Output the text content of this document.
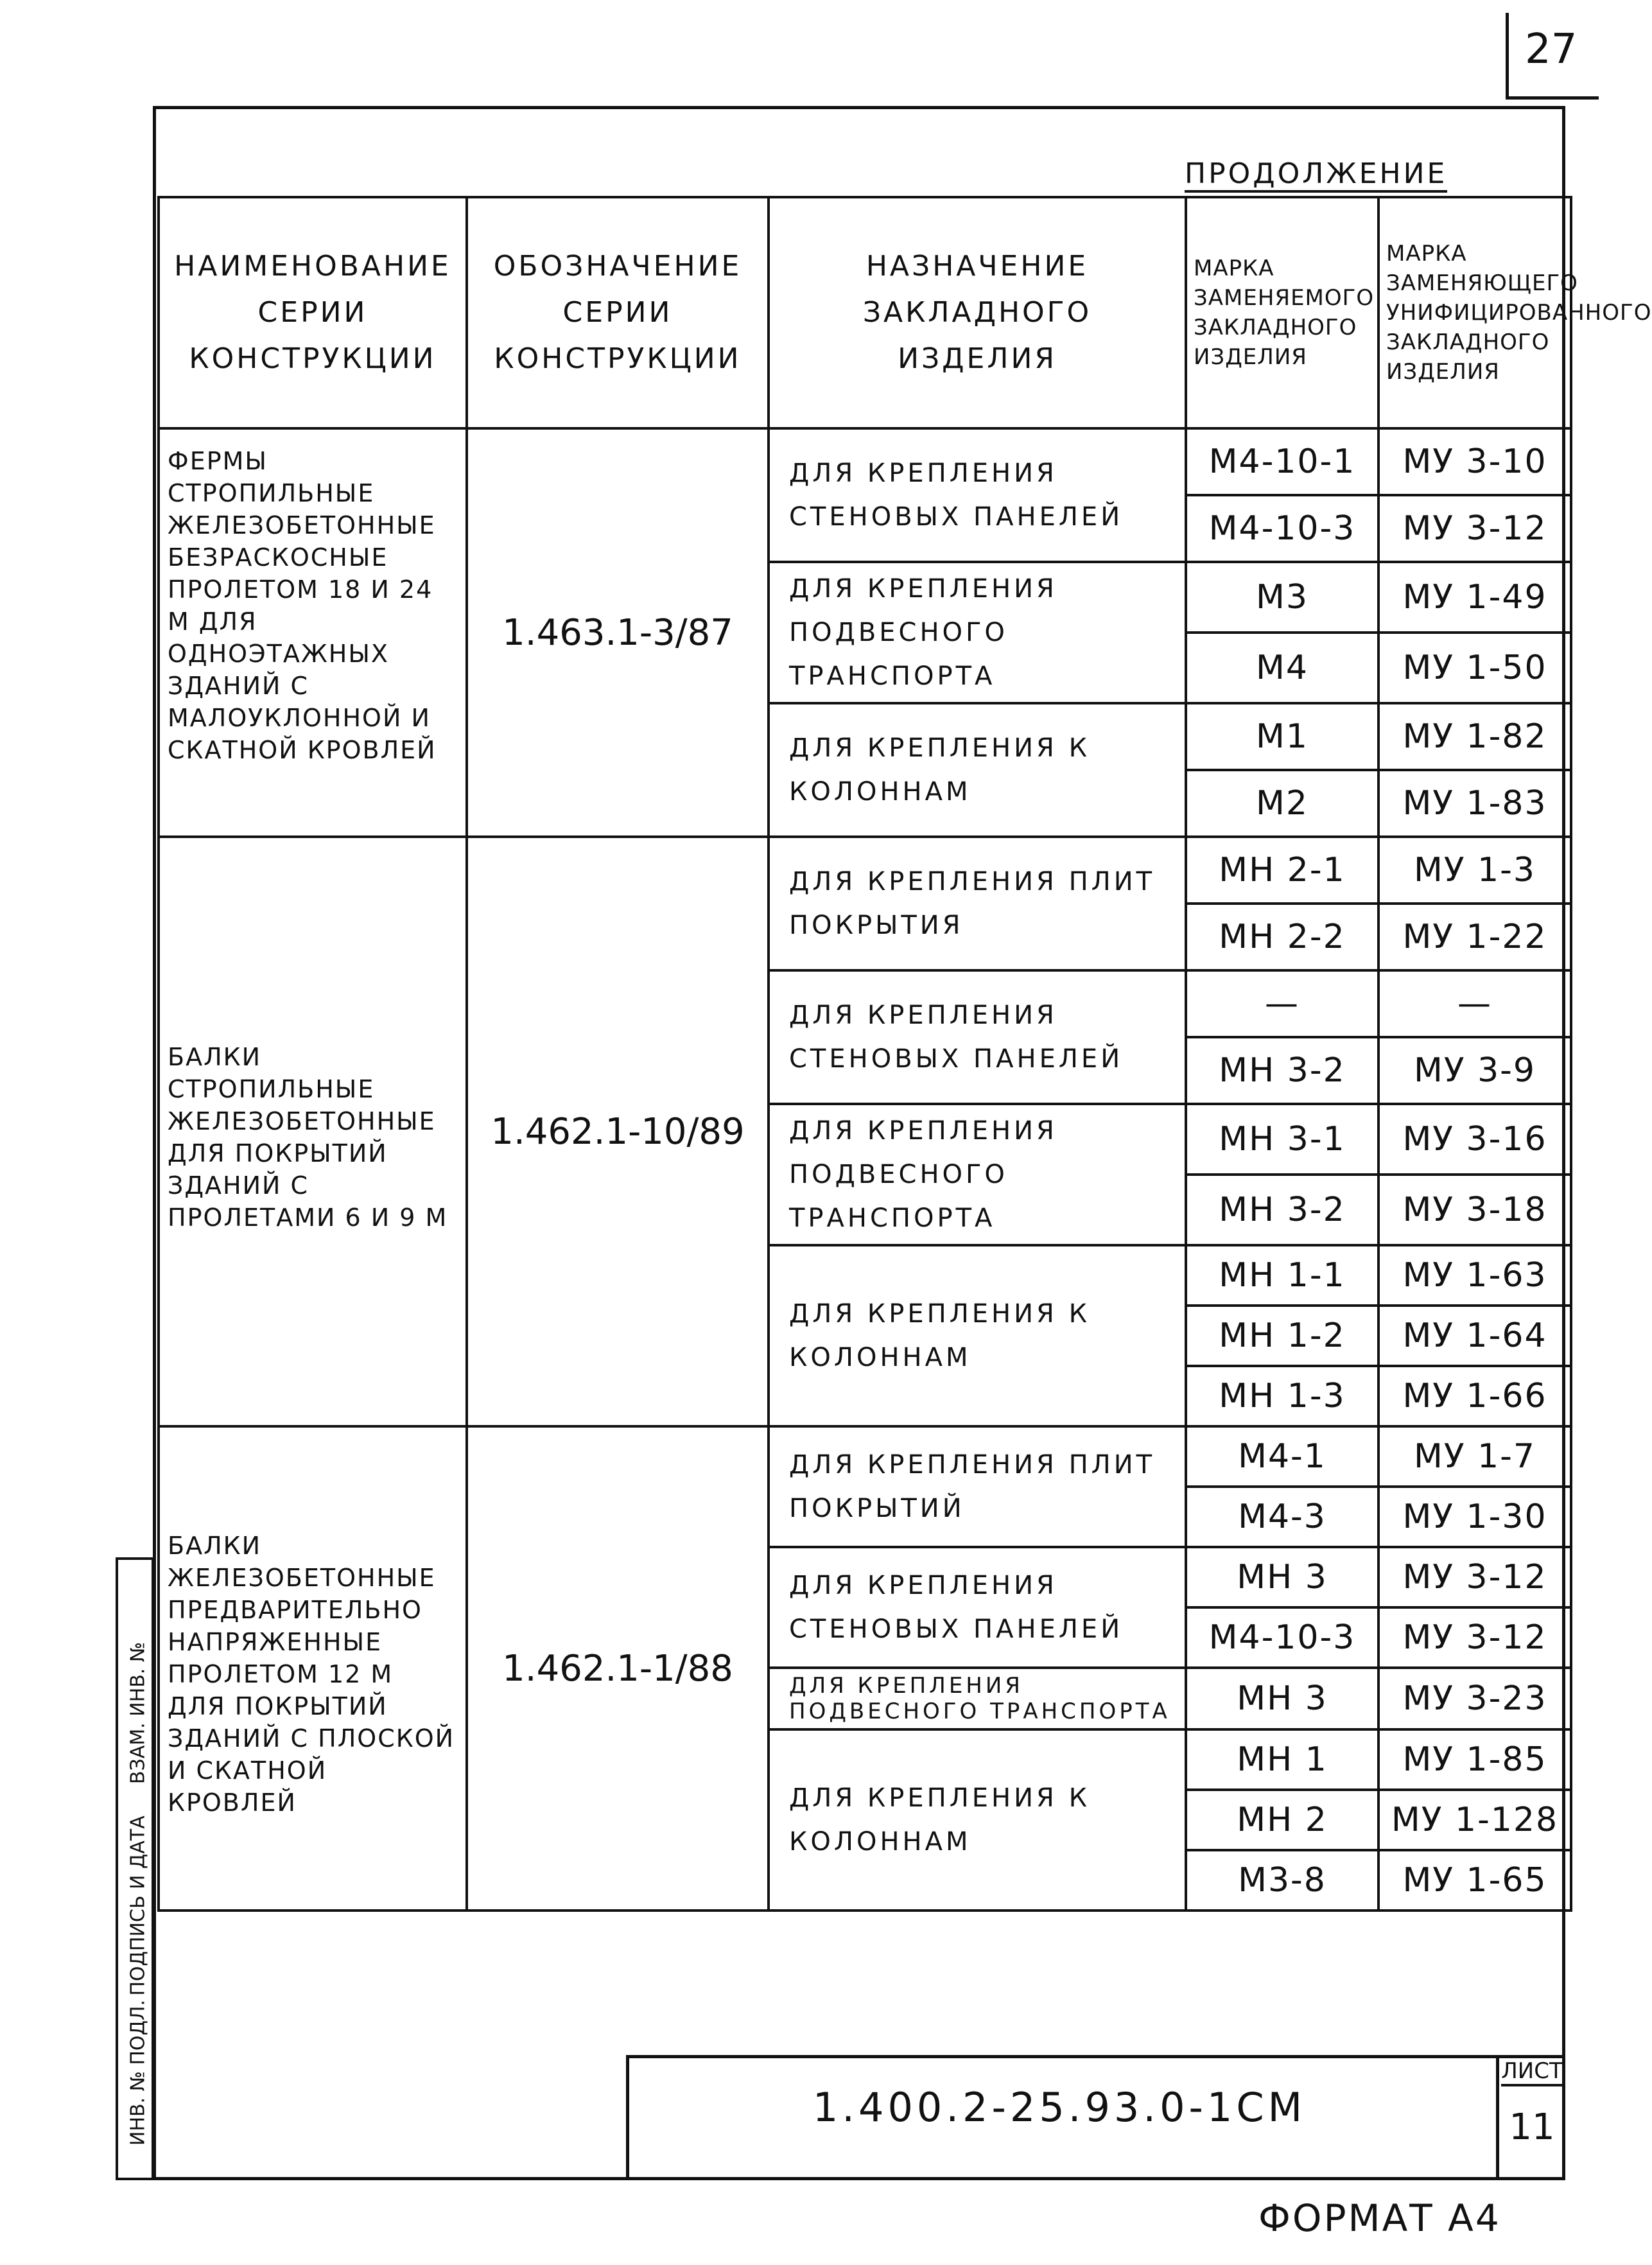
27
ПРОДОЛЖЕНИЕ
НАИМЕНОВАНИЕ СЕРИИ КОНСТРУКЦИИ	ОБОЗНАЧЕНИЕ СЕРИИ КОНСТРУКЦИИ	НАЗНАЧЕНИЕ ЗАКЛАДНОГО ИЗДЕЛИЯ	МАРКА ЗАМЕНЯЕМОГО ЗАКЛАДНОГО ИЗДЕЛИЯ	МАРКА ЗАМЕНЯЮЩЕГО УНИФИЦИРОВАННОГО ЗАКЛАДНОГО ИЗДЕЛИЯ
ФЕРМЫ СТРОПИЛЬНЫЕ ЖЕЛЕЗОБЕТОННЫЕ БЕЗРАСКОСНЫЕ ПРОЛЕТОМ 18 И 24 М ДЛЯ ОДНОЭТАЖНЫХ ЗДАНИЙ С МАЛОУКЛОННОЙ И СКАТНОЙ КРОВЛЕЙ	1.463.1-3/87	ДЛЯ КРЕПЛЕНИЯ СТЕНОВЫХ ПАНЕЛЕЙ	М4-10-1	МУ 3-10
			М4-10-3	МУ 3-12
		ДЛЯ КРЕПЛЕНИЯ ПОДВЕСНОГО ТРАНСПОРТА	М3	МУ 1-49
			М4	МУ 1-50
		ДЛЯ КРЕПЛЕНИЯ К КОЛОННАМ	М1	МУ 1-82
			М2	МУ 1-83
БАЛКИ СТРОПИЛЬНЫЕ ЖЕЛЕЗОБЕТОННЫЕ ДЛЯ ПОКРЫТИЙ ЗДАНИЙ С ПРОЛЕТАМИ 6 И 9 М	1.462.1-10/89	ДЛЯ КРЕПЛЕНИЯ ПЛИТ ПОКРЫТИЯ	МН 2-1	МУ 1-3
			МН 2-2	МУ 1-22
		ДЛЯ КРЕПЛЕНИЯ СТЕНОВЫХ ПАНЕЛЕЙ	—	—
			МН 3-2	МУ 3-9
		ДЛЯ КРЕПЛЕНИЯ ПОДВЕСНОГО ТРАНСПОРТА	МН 3-1	МУ 3-16
			МН 3-2	МУ 3-18
		ДЛЯ КРЕПЛЕНИЯ К КОЛОННАМ	МН 1-1	МУ 1-63
			МН 1-2	МУ 1-64
			МН 1-3	МУ 1-66
БАЛКИ ЖЕЛЕЗОБЕТОННЫЕ ПРЕДВАРИТЕЛЬНО НАПРЯЖЕННЫЕ ПРОЛЕТОМ 12 М ДЛЯ ПОКРЫТИЙ ЗДАНИЙ С ПЛОСКОЙ И СКАТНОЙ КРОВЛЕЙ	1.462.1-1/88	ДЛЯ КРЕПЛЕНИЯ ПЛИТ ПОКРЫТИЙ	М4-1	МУ 1-7
			М4-3	МУ 1-30
		ДЛЯ КРЕПЛЕНИЯ СТЕНОВЫХ ПАНЕЛЕЙ	МН 3	МУ 3-12
			М4-10-3	МУ 3-12
		ДЛЯ КРЕПЛЕНИЯ ПОДВЕСНОГО ТРАНСПОРТА	МН 3	МУ 3-23
		ДЛЯ КРЕПЛЕНИЯ К КОЛОННАМ	МН 1	МУ 1-85
			МН 2	МУ 1-128
			М3-8	МУ 1-65
ИНВ. № ПОДЛ.
ПОДПИСЬ И ДАТА
ВЗАМ. ИНВ. №
1.400.2-25.93.0-1СМ
ЛИСТ
11
ФОРМАТ А4
